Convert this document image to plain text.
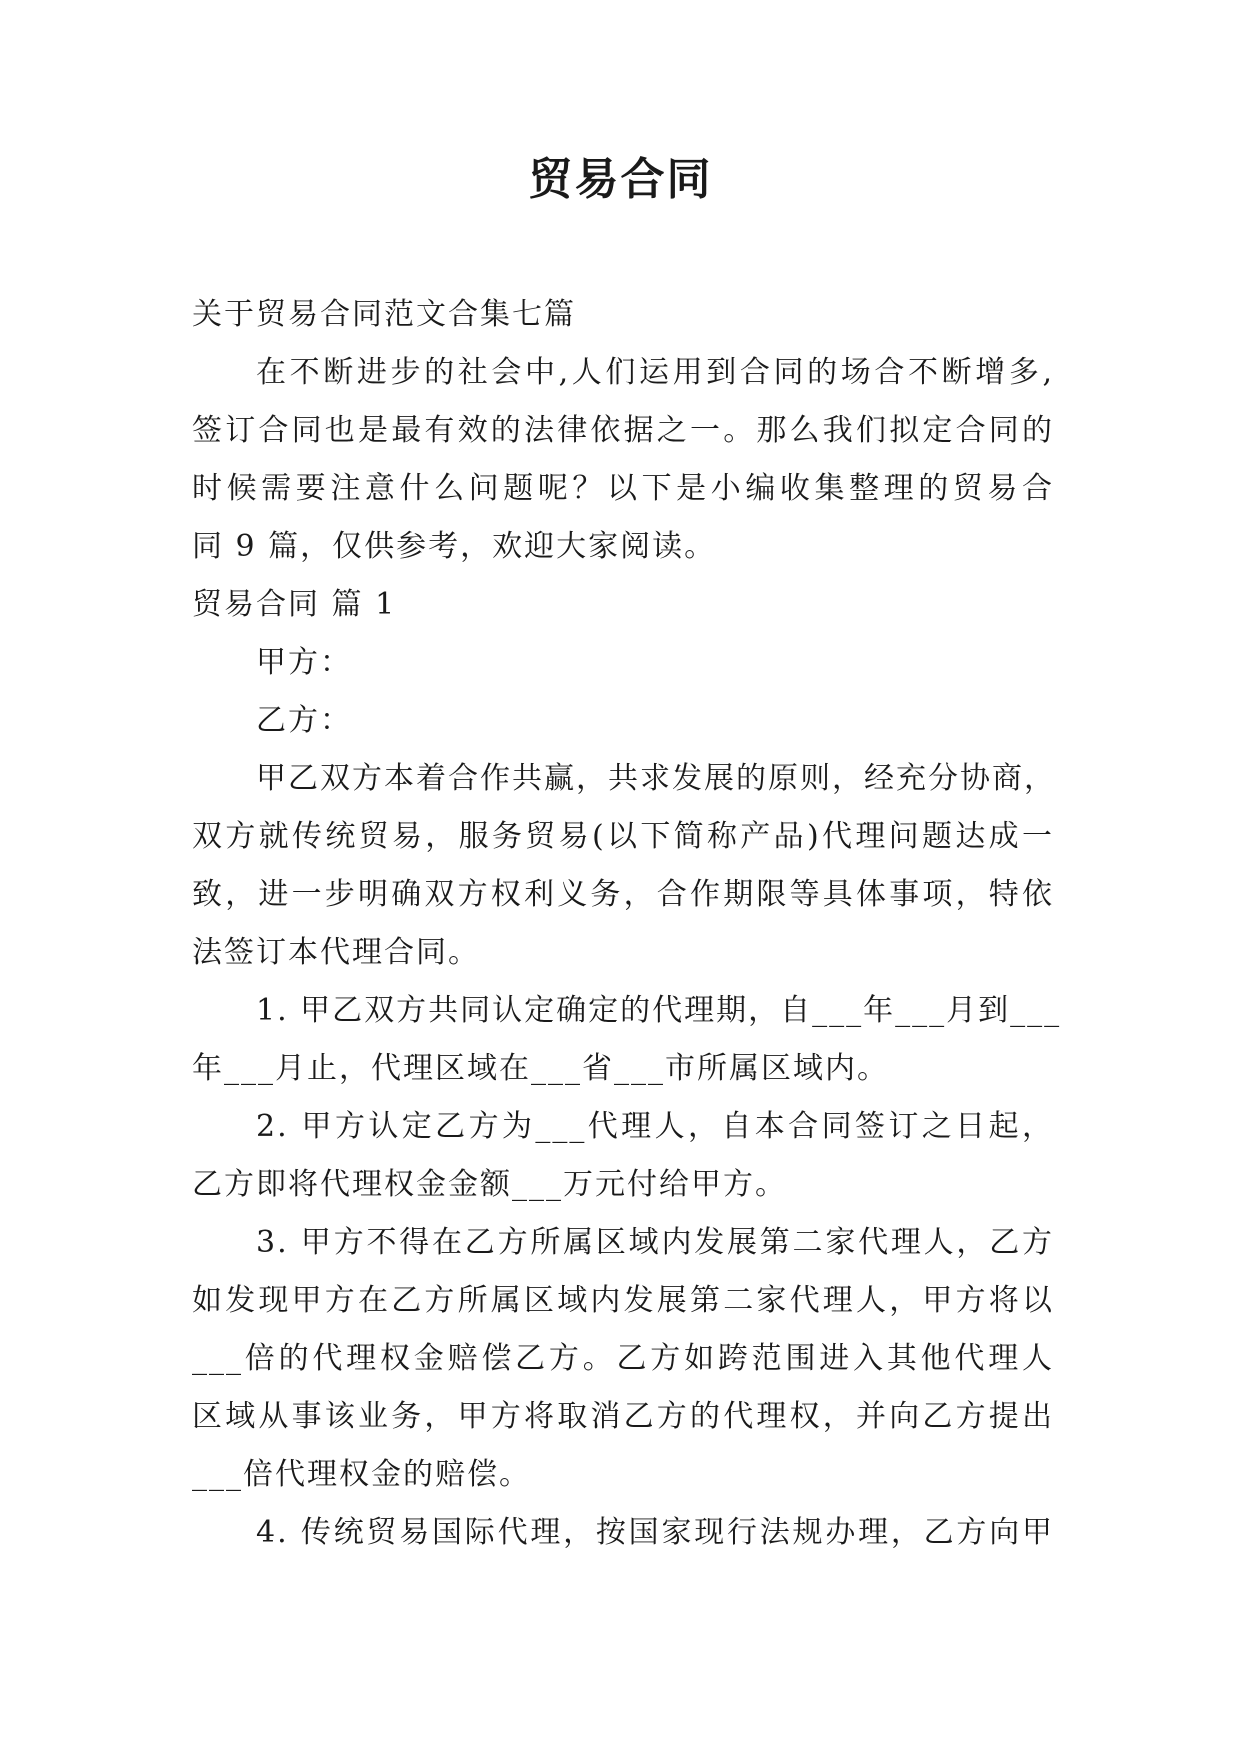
贸易合同
关于贸易合同范文合集七篇
在不断进步的社会中,人们运用到合同的场合不断增多,
签订合同也是最有效的法律依据之一。那么我们拟定合同的
时候需要注意什么问题呢？以下是小编收集整理的贸易合
同 9 篇，仅供参考，欢迎大家阅读。
贸易合同 篇 1
甲方：
乙方：
甲乙双方本着合作共赢，共求发展的原则，经充分协商，
双方就传统贸易，服务贸易(以下简称产品)代理问题达成一
致，进一步明确双方权利义务，合作期限等具体事项，特依
法签订本代理合同。
1. 甲乙双方共同认定确定的代理期，自___年___月到___
年___月止，代理区域在___省___市所属区域内。
2. 甲方认定乙方为___代理人，自本合同签订之日起，
乙方即将代理权金金额___万元付给甲方。
3. 甲方不得在乙方所属区域内发展第二家代理人，乙方
如发现甲方在乙方所属区域内发展第二家代理人，甲方将以
___倍的代理权金赔偿乙方。乙方如跨范围进入其他代理人
区域从事该业务，甲方将取消乙方的代理权，并向乙方提出
___倍代理权金的赔偿。
4. 传统贸易国际代理，按国家现行法规办理，乙方向甲
